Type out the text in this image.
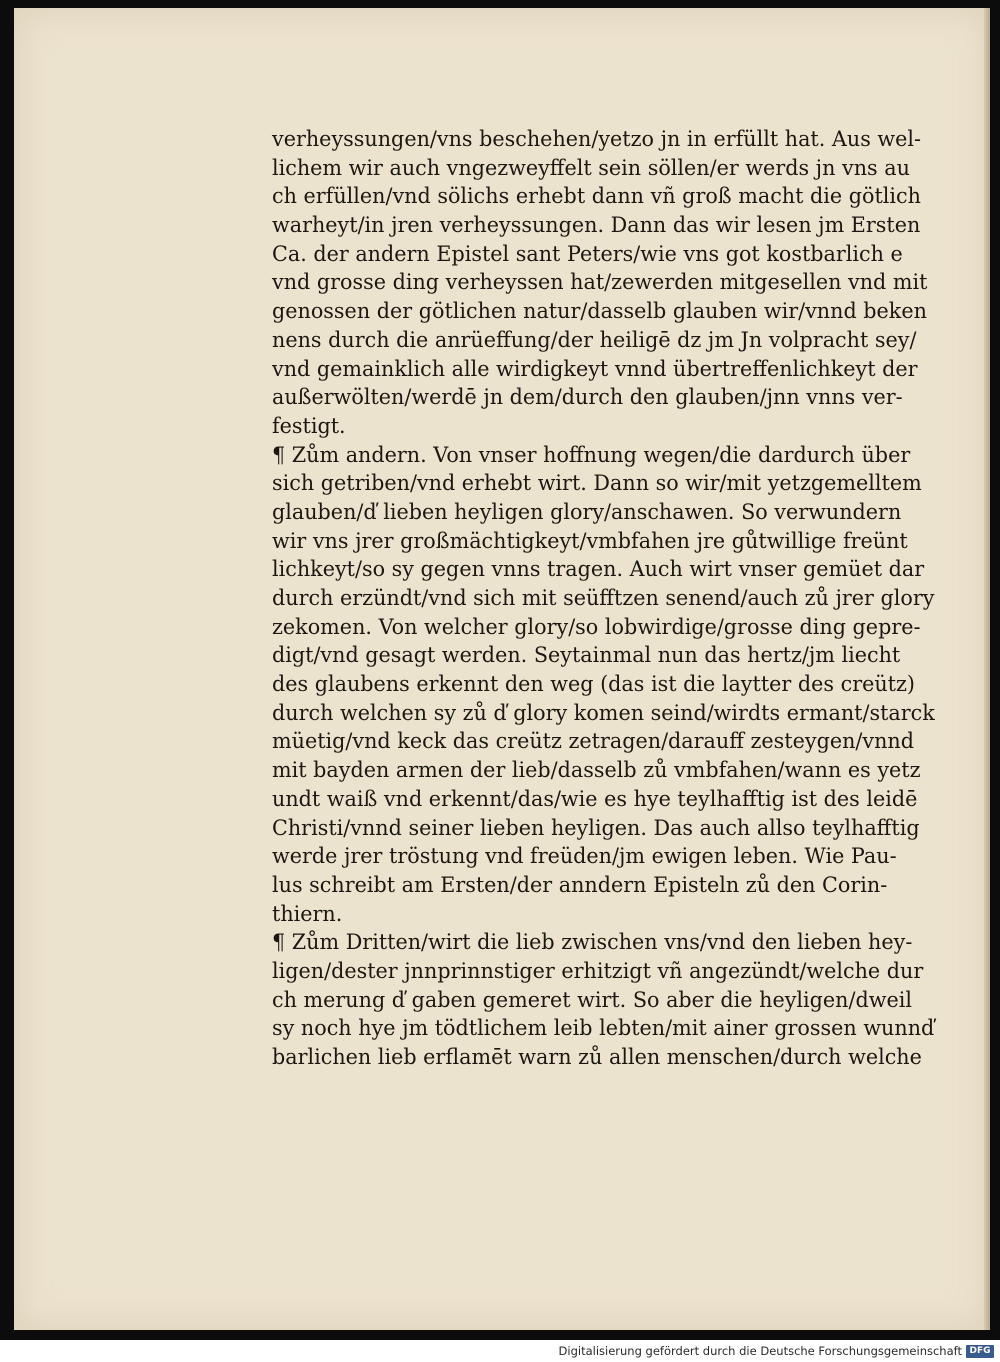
verheyssungen/vns beschehen/yetzo jn in erfüllt hat. Aus wel-
lichem wir auch vngezweyffelt sein söllen/er werds jn vns au
ch erfüllen/vnd sölichs erhebt dann vñ groß macht die götlich
warheyt/in jren verheyssungen. Dann das wir lesen jm Ersten
Ca. der andern Epistel sant Peters/wie vns got kostbarlich e
vnd grosse ding verheyssen hat/zewerden mitgesellen vnd mit
genossen der götlichen natur/dasselb glauben wir/vnnd beken
nens durch die anrüeffung/der heiligē dz jm Jn volpracht sey/
vnd gemainklich alle wirdigkeyt vnnd übertreffenlichkeyt der
außerwölten/werdē jn dem/durch den glauben/jnn vnns ver-
festigt.
¶ Zům andern. Von vnser hoffnung wegen/die dardurch über
sich getriben/vnd erhebt wirt. Dann so wir/mit yetzgemelltem
glauben/ď lieben heyligen glory/anschawen. So verwundern
wir vns jrer großmächtigkeyt/vmbfahen jre gůtwillige freünt
lichkeyt/so sy gegen vnns tragen. Auch wirt vnser gemüet dar
durch erzündt/vnd sich mit seüfftzen senend/auch zů jrer glory
zekomen. Von welcher glory/so lobwirdige/grosse ding gepre-
digt/vnd gesagt werden. Seytainmal nun das hertz/jm liecht
des glaubens erkennt den weg (das ist die laytter des creütz)
durch welchen sy zů ď glory komen seind/wirdts ermant/starck
müetig/vnd keck das creütz zetragen/darauff zesteygen/vnnd
mit bayden armen der lieb/dasselb zů vmbfahen/wann es yetz
undt waiß vnd erkennt/das/wie es hye teylhafftig ist des leidē
Christi/vnnd seiner lieben heyligen. Das auch allso teylhafftig
werde jrer tröstung vnd freüden/jm ewigen leben. Wie Pau-
lus schreibt am Ersten/der anndern Episteln zů den Corin-
thiern.
¶ Zům Dritten/wirt die lieb zwischen vns/vnd den lieben hey-
ligen/dester jnnprinnstiger erhitzigt vñ angezündt/welche dur
ch merung ď gaben gemeret wirt. So aber die heyligen/dweil
sy noch hye jm tödtlichem leib lebten/mit ainer grossen wunnď
barlichen lieb erflamēt warn zů allen menschen/durch welche
Digitalisierung gefördert durch die Deutsche Forschungsgemeinschaft DFG
